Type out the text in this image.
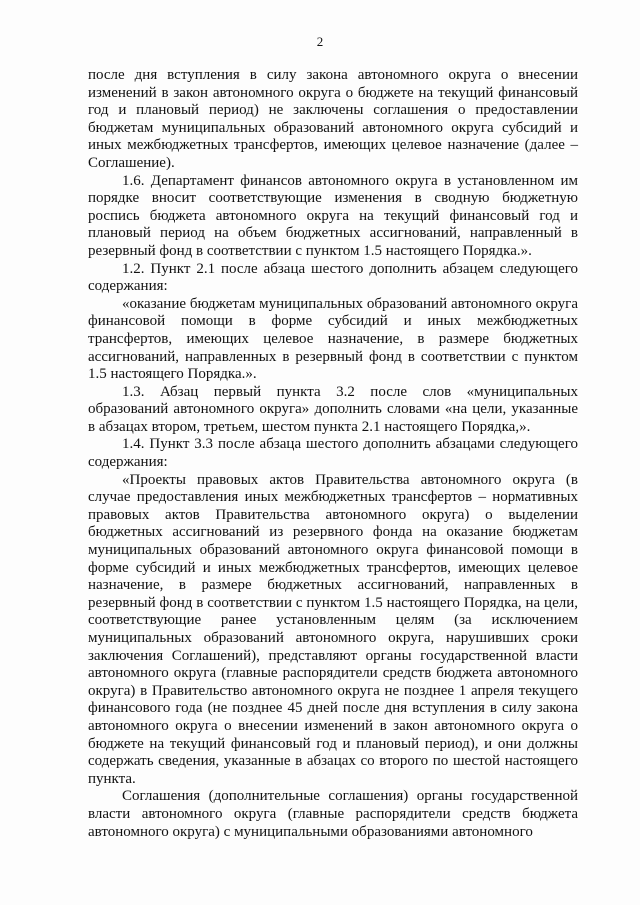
2

после дня вступления в силу закона автономного округа о внесении изменений в закон автономного округа о бюджете на текущий финансовый год и плановый период) не заключены соглашения о предоставлении бюджетам муниципальных образований автономного округа субсидий и иных межбюджетных трансфертов, имеющих целевое назначение (далее – Соглашение).

1.6. Департамент финансов автономного округа в установленном им порядке вносит соответствующие изменения в сводную бюджетную роспись бюджета автономного округа на текущий финансовый год и плановый период на объем бюджетных ассигнований, направленный в резервный фонд в соответствии с пунктом 1.5 настоящего Порядка.».

1.2. Пункт 2.1 после абзаца шестого дополнить абзацем следующего содержания:

«оказание бюджетам муниципальных образований автономного округа финансовой помощи в форме субсидий и иных межбюджетных трансфертов, имеющих целевое назначение, в размере бюджетных ассигнований, направленных в резервный фонд в соответствии с пунктом 1.5 настоящего Порядка.».

1.3. Абзац первый пункта 3.2 после слов «муниципальных образований автономного округа» дополнить словами «на цели, указанные в абзацах втором, третьем, шестом пункта 2.1 настоящего Порядка,».

1.4. Пункт 3.3 после абзаца шестого дополнить абзацами следующего содержания:

«Проекты правовых актов Правительства автономного округа (в случае предоставления иных межбюджетных трансфертов – нормативных правовых актов Правительства автономного округа) о выделении бюджетных ассигнований из резервного фонда на оказание бюджетам муниципальных образований автономного округа финансовой помощи в форме субсидий и иных межбюджетных трансфертов, имеющих целевое назначение, в размере бюджетных ассигнований, направленных в резервный фонд в соответствии с пунктом 1.5 настоящего Порядка, на цели, соответствующие ранее установленным целям (за исключением муниципальных образований автономного округа, нарушивших сроки заключения Соглашений), представляют органы государственной власти автономного округа (главные распорядители средств бюджета автономного округа) в Правительство автономного округа не позднее 1 апреля текущего финансового года (не позднее 45 дней после дня вступления в силу закона автономного округа о внесении изменений в закон автономного округа о бюджете на текущий финансовый год и плановый период), и они должны содержать сведения, указанные в абзацах со второго по шестой настоящего пункта.

Соглашения (дополнительные соглашения) органы государственной власти автономного округа (главные распорядители средств бюджета автономного округа) с муниципальными образованиями автономного
